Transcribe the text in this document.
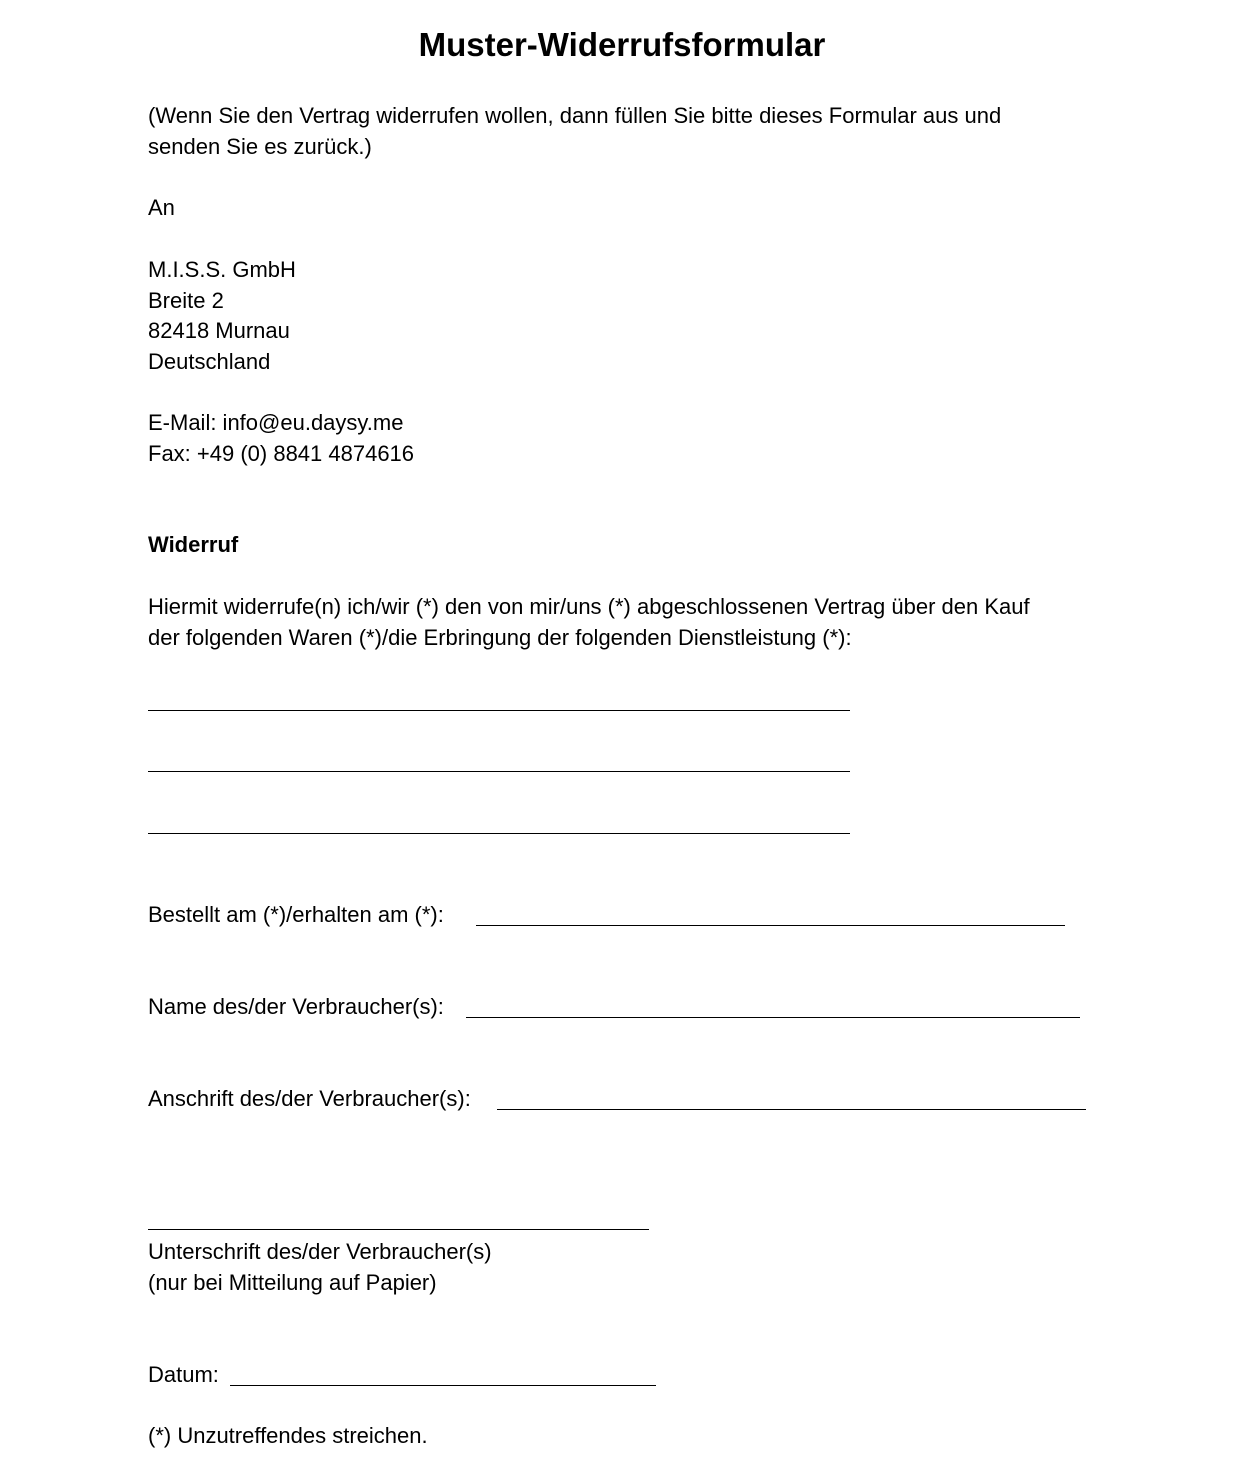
Muster-Widerrufsformular
(Wenn Sie den Vertrag widerrufen wollen, dann füllen Sie bitte dieses Formular aus und
senden Sie es zurück.)
An
M.I.S.S. GmbH
Breite 2
82418 Murnau
Deutschland
E-Mail: info@eu.daysy.me
Fax: +49 (0) 8841 4874616
Widerruf
Hiermit widerrufe(n) ich/wir (*) den von mir/uns (*) abgeschlossenen Vertrag über den Kauf
der folgenden Waren (*)/die Erbringung der folgenden Dienstleistung (*):
Bestellt am (*)/erhalten am (*):
Name des/der Verbraucher(s):
Anschrift des/der Verbraucher(s):
Unterschrift des/der Verbraucher(s)
(nur bei Mitteilung auf Papier)
Datum:
(*) Unzutreffendes streichen.
